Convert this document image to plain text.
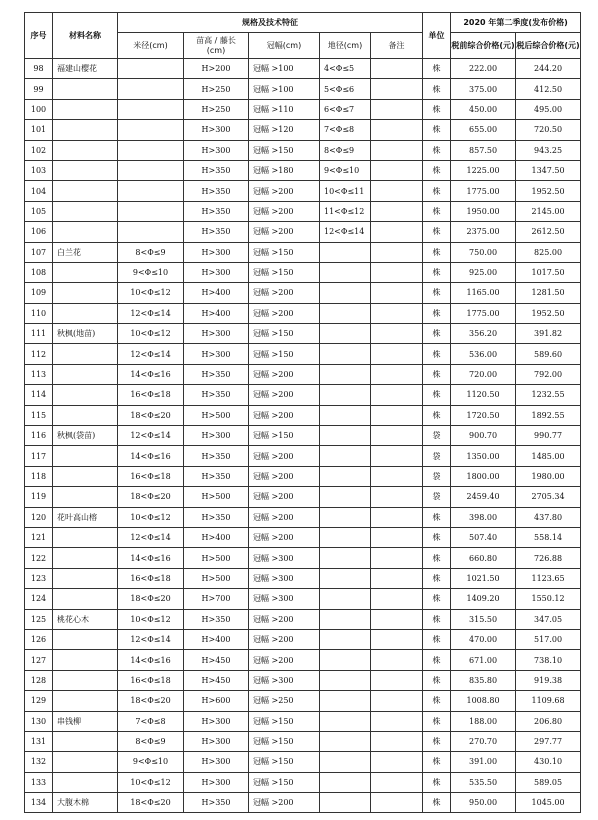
序号	材料名称	规格及技术特征					单位	2020 年第二季度(发布价格)	
		米径(cm)	苗高 / 藤长
(cm)	冠幅(cm)	地径(cm)	备注		税前综合价格(元)	税后综合价格(元)
98	福建山樱花		H>200	冠幅 >100	4<Φ≤5		株	222.00	244.20
99			H>250	冠幅 >100	5<Φ≤6		株	375.00	412.50
100			H>250	冠幅 >110	6<Φ≤7		株	450.00	495.00
101			H>300	冠幅 >120	7<Φ≤8		株	655.00	720.50
102			H>300	冠幅 >150	8<Φ≤9		株	857.50	943.25
103			H>350	冠幅 >180	9<Φ≤10		株	1225.00	1347.50
104			H>350	冠幅 >200	10<Φ≤11		株	1775.00	1952.50
105			H>350	冠幅 >200	11<Φ≤12		株	1950.00	2145.00
106			H>350	冠幅 >200	12<Φ≤14		株	2375.00	2612.50
107	白兰花	8<Φ≤9	H>300	冠幅 >150			株	750.00	825.00
108		9<Φ≤10	H>300	冠幅 >150			株	925.00	1017.50
109		10<Φ≤12	H>400	冠幅 >200			株	1165.00	1281.50
110		12<Φ≤14	H>400	冠幅 >200			株	1775.00	1952.50
111	秋枫(地苗)	10<Φ≤12	H>300	冠幅 >150			株	356.20	391.82
112		12<Φ≤14	H>300	冠幅 >150			株	536.00	589.60
113		14<Φ≤16	H>350	冠幅 >200			株	720.00	792.00
114		16<Φ≤18	H>350	冠幅 >200			株	1120.50	1232.55
115		18<Φ≤20	H>500	冠幅 >200			株	1720.50	1892.55
116	秋枫(袋苗)	12<Φ≤14	H>300	冠幅 >150			袋	900.70	990.77
117		14<Φ≤16	H>350	冠幅 >200			袋	1350.00	1485.00
118		16<Φ≤18	H>350	冠幅 >200			袋	1800.00	1980.00
119		18<Φ≤20	H>500	冠幅 >200			袋	2459.40	2705.34
120	花叶高山榕	10<Φ≤12	H>350	冠幅 >200			株	398.00	437.80
121		12<Φ≤14	H>400	冠幅 >200			株	507.40	558.14
122		14<Φ≤16	H>500	冠幅 >300			株	660.80	726.88
123		16<Φ≤18	H>500	冠幅 >300			株	1021.50	1123.65
124		18<Φ≤20	H>700	冠幅 >300			株	1409.20	1550.12
125	桃花心木	10<Φ≤12	H>350	冠幅 >200			株	315.50	347.05
126		12<Φ≤14	H>400	冠幅 >200			株	470.00	517.00
127		14<Φ≤16	H>450	冠幅 >200			株	671.00	738.10
128		16<Φ≤18	H>450	冠幅 >300			株	835.80	919.38
129		18<Φ≤20	H>600	冠幅 >250			株	1008.80	1109.68
130	串钱柳	7<Φ≤8	H>300	冠幅 >150			株	188.00	206.80
131		8<Φ≤9	H>300	冠幅 >150			株	270.70	297.77
132		9<Φ≤10	H>300	冠幅 >150			株	391.00	430.10
133		10<Φ≤12	H>300	冠幅 >150			株	535.50	589.05
134	大腹木棉	18<Φ≤20	H>350	冠幅 >200			株	950.00	1045.00
